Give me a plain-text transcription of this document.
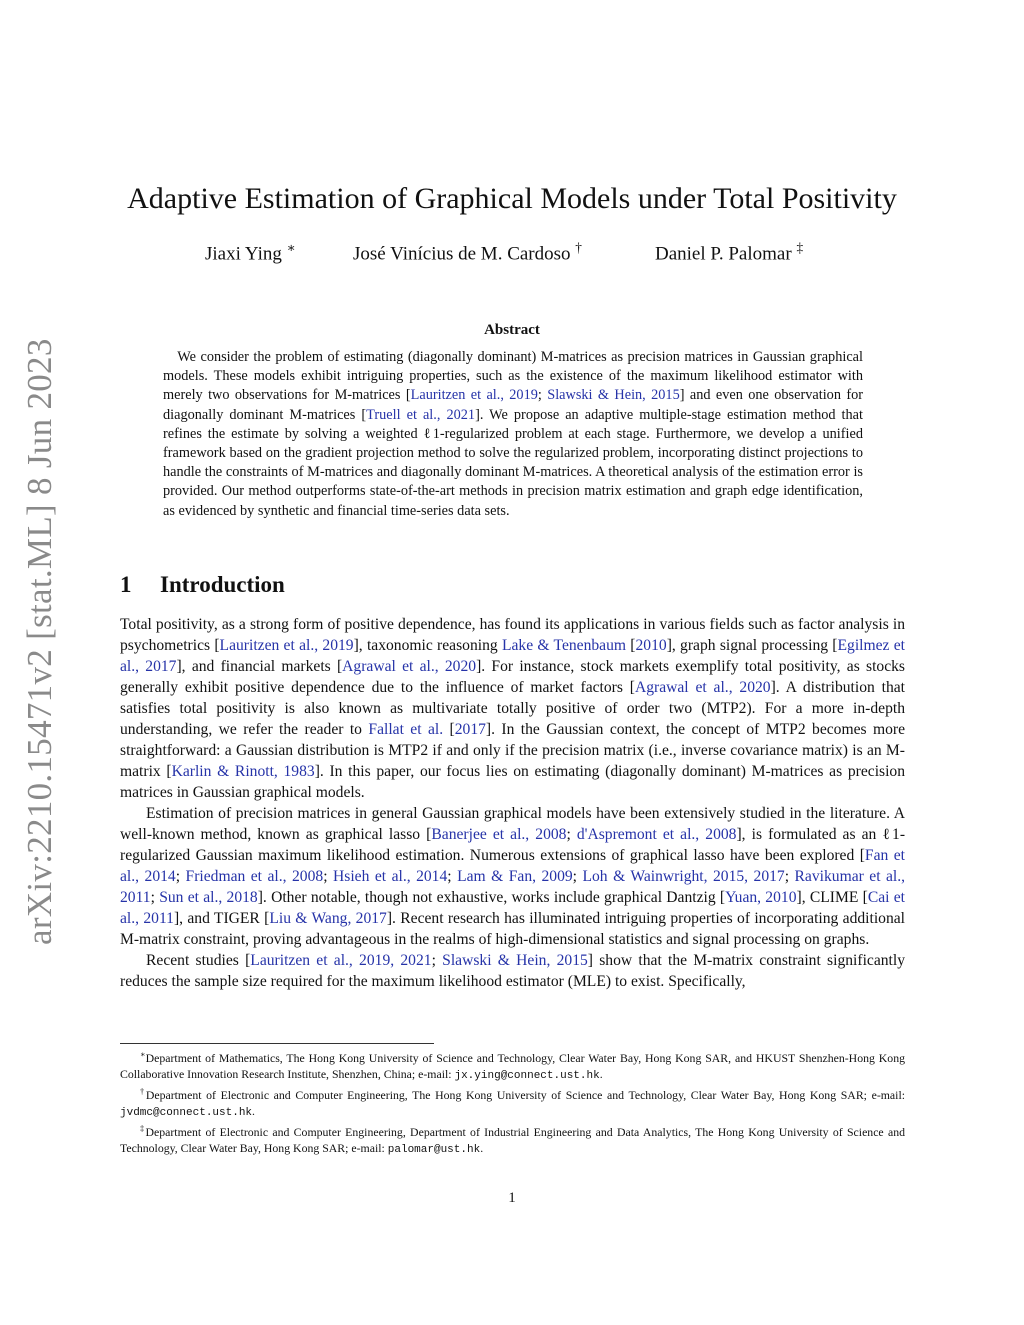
arXiv:2210.15471v2 [stat.ML] 8 Jun 2023
Adaptive Estimation of Graphical Models under Total Positivity
Jiaxi Ying ∗	José Vinícius de M. Cardoso †	Daniel P. Palomar ‡
Abstract
 We consider the problem of estimating (diagonally dominant) M-matrices as precision matrices in Gaussian graphical models. These models exhibit intriguing properties, such as the existence of the maximum likelihood estimator with merely two observations for M-matrices [Lauritzen et al., 2019; Slawski & Hein, 2015] and even one observation for diagonally dominant M-matrices [Truell et al., 2021]. We propose an adaptive multiple-stage estimation method that refines the estimate by solving a weighted ℓ1-regularized problem at each stage. Furthermore, we develop a unified framework based on the gradient projection method to solve the regularized problem, incorporating distinct projections to handle the constraints of M-matrices and diagonally dominant M-matrices. A theoretical analysis of the estimation error is provided. Our method outperforms state-of-the-art methods in precision matrix estimation and graph edge identification, as evidenced by synthetic and financial time-series data sets.
1 Introduction

Total positivity, as a strong form of positive dependence, has found its applications in various fields such as factor analysis in psychometrics [Lauritzen et al., 2019], taxonomic reasoning Lake & Tenenbaum [2010], graph signal processing [Egilmez et al., 2017], and financial markets [Agrawal et al., 2020]. For instance, stock markets exemplify total positivity, as stocks generally exhibit positive dependence due to the influence of market factors [Agrawal et al., 2020]. A distribution that satisfies total positivity is also known as multivariate totally positive of order two (MTP2). For a more in-depth understanding, we refer the reader to Fallat et al. [2017]. In the Gaussian context, the concept of MTP2 becomes more straightforward: a Gaussian distribution is MTP2 if and only if the precision matrix (i.e., inverse covariance matrix) is an M-matrix [Karlin & Rinott, 1983]. In this paper, our focus lies on estimating (diagonally dominant) M-matrices as precision matrices in Gaussian graphical models.

Estimation of precision matrices in general Gaussian graphical models have been extensively studied in the literature. A well-known method, known as graphical lasso [Banerjee et al., 2008; d'Aspremont et al., 2008], is formulated as an ℓ1-regularized Gaussian maximum likelihood estimation. Numerous extensions of graphical lasso have been explored [Fan et al., 2014; Friedman et al., 2008; Hsieh et al., 2014; Lam & Fan, 2009; Loh & Wainwright, 2015, 2017; Ravikumar et al., 2011; Sun et al., 2018]. Other notable, though not exhaustive, works include graphical Dantzig [Yuan, 2010], CLIME [Cai et al., 2011], and TIGER [Liu & Wang, 2017]. Recent research has illuminated intriguing properties of incorporating additional M-matrix constraint, proving advantageous in the realms of high-dimensional statistics and signal processing on graphs.

Recent studies [Lauritzen et al., 2019, 2021; Slawski & Hein, 2015] show that the M-matrix constraint significantly reduces the sample size required for the maximum likelihood estimator (MLE) to exist. Specifically,

∗Department of Mathematics, The Hong Kong University of Science and Technology, Clear Water Bay, Hong Kong SAR, and HKUST Shenzhen-Hong Kong Collaborative Innovation Research Institute, Shenzhen, China; e-mail: jx.ying@connect.ust.hk.

†Department of Electronic and Computer Engineering, The Hong Kong University of Science and Technology, Clear Water Bay, Hong Kong SAR; e-mail: jvdmc@connect.ust.hk.

‡Department of Electronic and Computer Engineering, Department of Industrial Engineering and Data Analytics, The Hong Kong University of Science and Technology, Clear Water Bay, Hong Kong SAR; e-mail: palomar@ust.hk.

1
